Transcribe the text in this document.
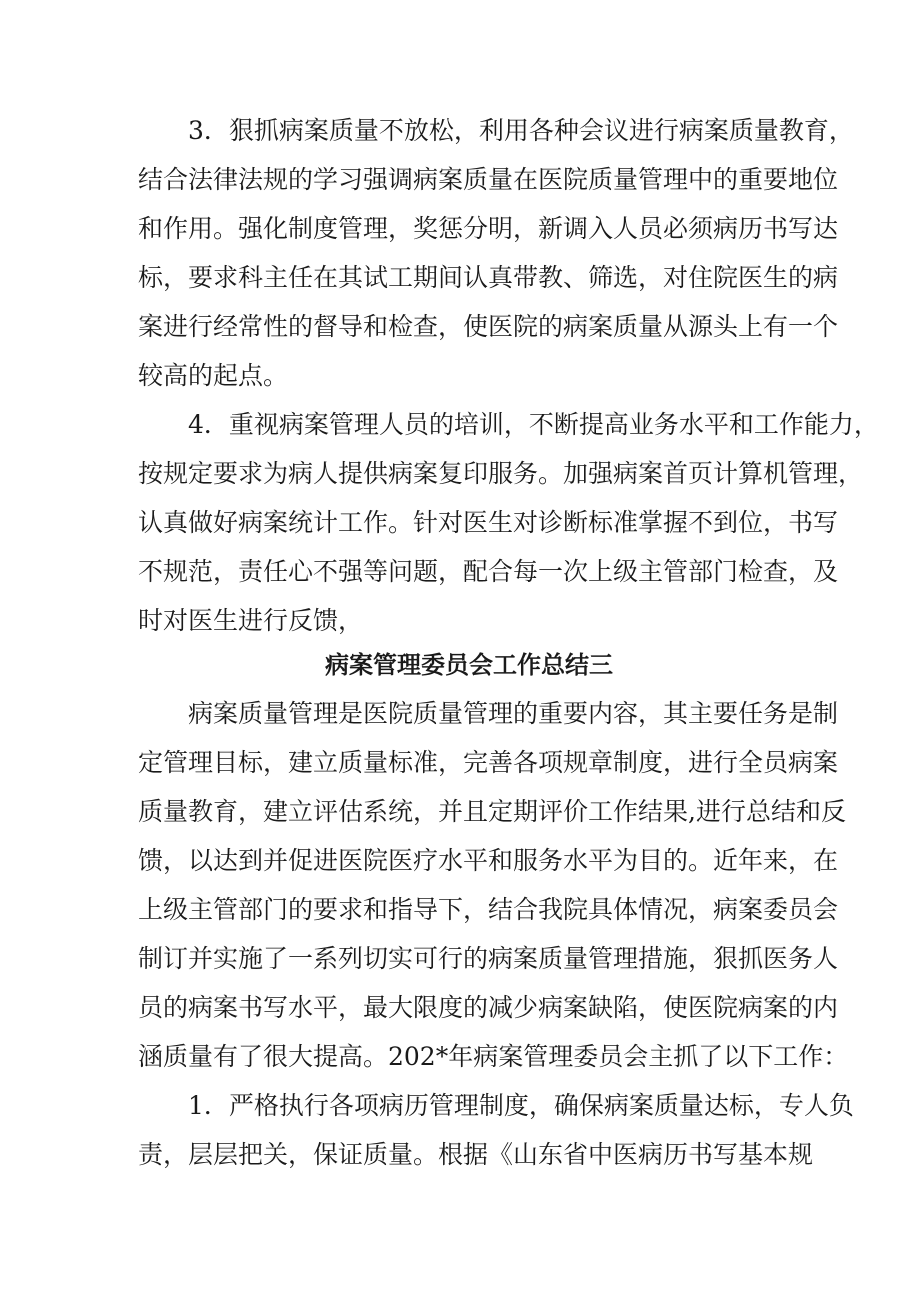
3．狠抓病案质量不放松，利用各种会议进行病案质量教育，
结合法律法规的学习强调病案质量在医院质量管理中的重要地位
和作用。强化制度管理，奖惩分明，新调入人员必须病历书写达
标，要求科主任在其试工期间认真带教、筛选，对住院医生的病
案进行经常性的督导和检查，使医院的病案质量从源头上有一个
较高的起点。
4．重视病案管理人员的培训，不断提高业务水平和工作能力，
按规定要求为病人提供病案复印服务。加强病案首页计算机管理，
认真做好病案统计工作。针对医生对诊断标准掌握不到位，书写
不规范，责任心不强等问题，配合每一次上级主管部门检查，及
时对医生进行反馈，
病案管理委员会工作总结三
病案质量管理是医院质量管理的重要内容，其主要任务是制
定管理目标，建立质量标准，完善各项规章制度，进行全员病案
质量教育，建立评估系统，并且定期评价工作结果,进行总结和反
馈，以达到并促进医院医疗水平和服务水平为目的。近年来，在
上级主管部门的要求和指导下，结合我院具体情况，病案委员会
制订并实施了一系列切实可行的病案质量管理措施，狠抓医务人
员的病案书写水平，最大限度的减少病案缺陷，使医院病案的内
涵质量有了很大提高。202*年病案管理委员会主抓了以下工作：
1．严格执行各项病历管理制度，确保病案质量达标，专人负
责，层层把关，保证质量。根据《山东省中医病历书写基本规
